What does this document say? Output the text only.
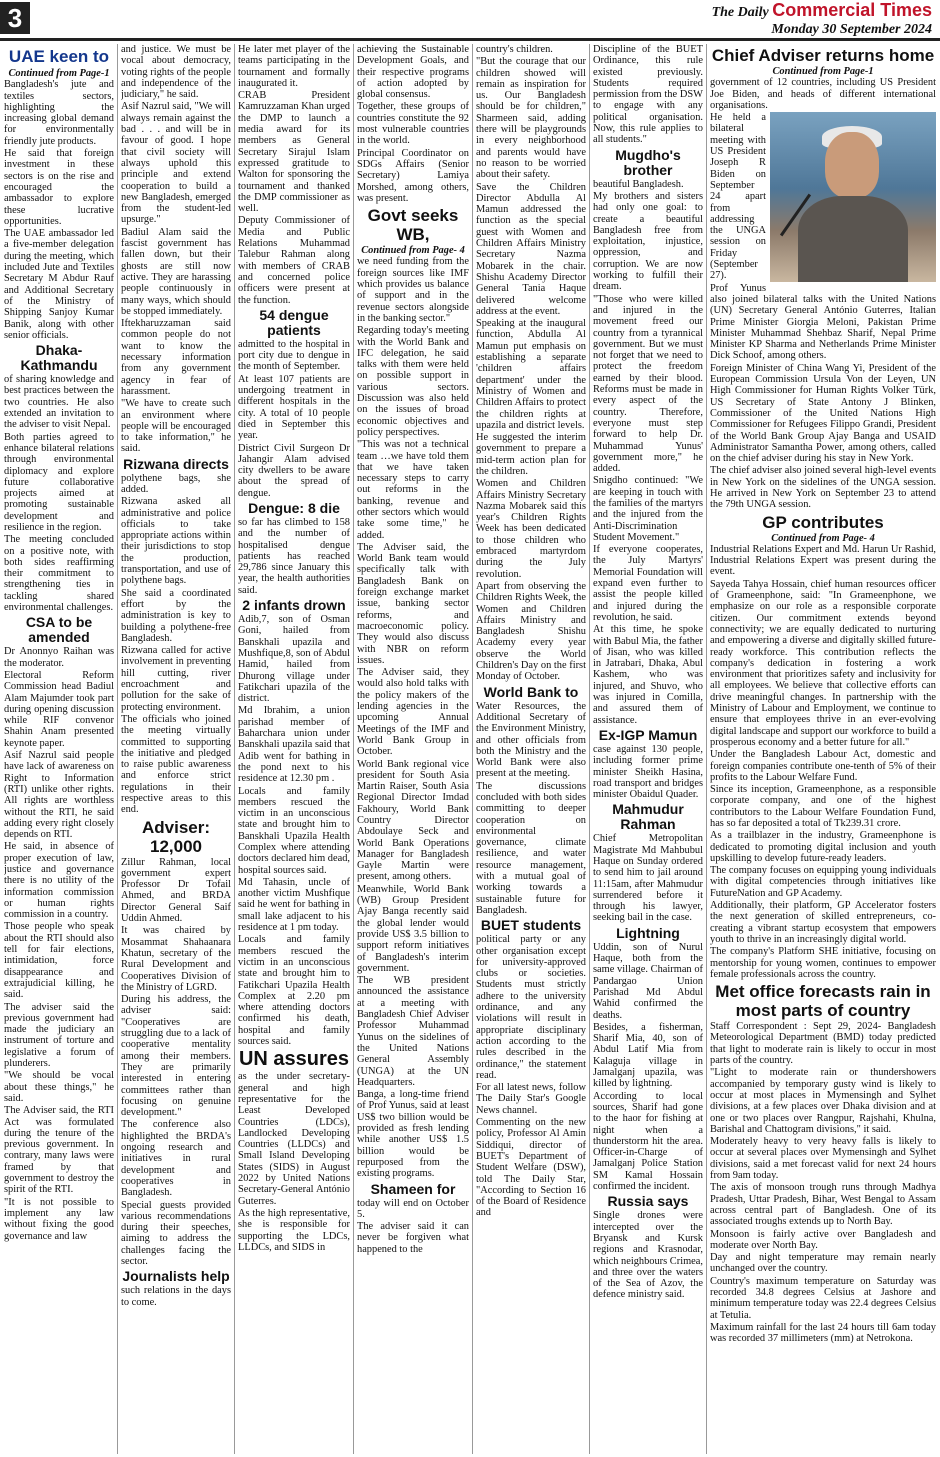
3	The Daily Commercial Times
Monday 30 September 2024
UAE keen to
Continued from Page-1

Bangladesh's jute and textiles sectors, highlighting the increasing global demand for environmentally friendly jute products.

He said that foreign investment in these sectors is on the rise and encouraged the ambassador to explore these lucrative opportunities.

The UAE ambassador led a five-member delegation during the meeting, which included Jute and Textiles Secretary M Abdur Rauf and Additional Secretary of the Ministry of Shipping Sanjoy Kumar Banik, along with other senior officials.

Dhaka-Kathmandu

of sharing knowledge and best practices between the two countries. He also extended an invitation to the adviser to visit Nepal.

Both parties agreed to enhance bilateral relations through environmental diplomacy and explore future collaborative projects aimed at promoting sustainable development and resilience in the region.

The meeting concluded on a positive note, with both sides reaffirming their commitment to strengthening ties in tackling shared environmental challenges.

CSA to be amended

Dr Anonnyo Raihan was the moderator.

Electoral Reform Commission head Badiul Alam Majumder took part during opening discussion while RIF convenor Shahin Anam presented keynote paper.

Asif Nazrul said people have lack of awareness on Right to Information (RTI) unlike other rights. All rights are worthless without the RTI, he said adding every right closely depends on RTI.

He said, in absence of proper execution of law, justice and governance there is no utility of the information commission or human rights commission in a country.

Those people who speak about the RTI should also tell for fair elections, intimidation, force disappearance and extrajudicial killing, he said.

The adviser said the previous government had made the judiciary an instrument of torture and legislative a forum of plunderers.

"We should be vocal about these things," he said.

The Adviser said, the RTI Act was formulated during the tenure of the previous government. In contrary, many laws were framed by that government to destroy the spirit of the RTI.

"It is not possible to implement any law without fixing the good governance and law

and justice. We must be vocal about democracy, voting rights of the people and independence of the judiciary," he said.

Asif Nazrul said, "We will always remain against the bad . . . and will be in favour of good. I hope that civil society will always uphold this principle and extend cooperation to build a new Bangladesh, emerged from the student-led upsurge."

Badiul Alam said the fascist government has fallen down, but their ghosts are still now active. They are harassing people continuously in many ways, which should be stopped immediately.

Iftekharuzzaman said common people do not want to know the necessary information from any government agency in fear of harassment.

"We have to create such an environment where people will be encouraged to take information," he said.

Rizwana directs

polythene bags, she added.

Rizwana asked all administrative and police officials to take appropriate actions within their jurisdictions to stop the production, transportation, and use of polythene bags.

She said a coordinated effort by the administration is key to building a polythene-free Bangladesh.

Rizwana called for active involvement in preventing hill cutting, river encroachment and pollution for the sake of protecting environment.

The officials who joined the meeting virtually committed to supporting the initiative and pledged to raise public awareness and enforce strict regulations in their respective areas to this end.

Adviser: 12,000

Zillur Rahman, local government expert Professor Dr Tofail Ahmed, and BRDA Director General Saif Uddin Ahmed.

It was chaired by Mosammat Shahaanara Khatun, secretary of the Rural Development and Cooperatives Division of the Ministry of LGRD.

During his address, the adviser said: "Cooperatives are struggling due to a lack of cooperative mentality among their members. They are primarily interested in entering committees rather than focusing on genuine development."

The conference also highlighted the BRDA's ongoing research and initiatives in rural development and cooperatives in Bangladesh.

Special guests provided various recommendations during their speeches, aiming to address the challenges facing the sector.

Journalists help

such relations in the days to come.

He later met player of the teams participating in the tournament and formally inaugurated it.

CRAB President Kamruzzaman Khan urged the DMP to launch a media award for its members as General Secretary Sirajul Islam expressed gratitude to Walton for sponsoring the tournament and thanked the DMP commissioner as well.

Deputy Commissioner of Media and Public Relations Muhammad Talebur Rahman along with members of CRAB and concerned police officers were present at the function.

54 dengue patients

admitted to the hospital in port city due to dengue in the month of September.

At least 107 patients are undergoing treatment in different hospitals in the city. A total of 10 people died in September this year.

District Civil Surgeon Dr Jahangir Alam advised city dwellers to be aware about the spread of dengue.

Dengue: 8 die

so far has climbed to 158 and the number of hospitalised dengue patients has reached 29,786 since January this year, the health authorities said.

2 infants drown

Adib,7, son of Osman Goni, hailed from Banskhali upazila and Mushfique,8, son of Abdul Hamid, hailed from Dhurong village under Fatikchari upazila of the district.

Md Ibrahim, a union parishad member of Baharchara union under Banskhali upazila said that Adib went for bathing in the pond next to his residence at 12.30 pm .

Locals and family members rescued the victim in an unconscious state and brought him to Banskhali Upazila Health Complex where attending doctors declared him dead, hospital sources said.

Md Tahasin, uncle of another victim Mushfique said he went for bathing in small lake adjacent to his residence at 1 pm today.

Locals and family members rescued the victim in an unconscious state and brought him to Fatikchari Upazila Health Complex at 2.20 pm where attending doctors confirmed his death, hospital and family sources said.

UN assures

as the under secretary-general and high representative for the Least Developed Countries (LDCs), Landlocked Developing Countries (LLDCs) and Small Island Developing States (SIDS) in August 2022 by United Nations Secretary-General António Guterres.

As the high representative, she is responsible for supporting the LDCs, LLDCs, and SIDS in

achieving the Sustainable Development Goals, and their respective programs of action adopted by global consensus.

Together, these groups of countries constitute the 92 most vulnerable countries in the world.

Principal Coordinator on SDGs Affairs (Senior Secretary) Lamiya Morshed, among others, was present.

Govt seeks WB,
Continued from Page- 4

we need funding from the foreign sources like IMF which provides us balance of support and in the revenue sectors alongside in the banking sector."

Regarding today's meeting with the World Bank and IFC delegation, he said talks with them were held on possible support in various sectors. Discussion was also held on the issues of broad economic objectives and policy perspectives.

"This was not a technical team …we have told them that we have taken necessary steps to carry out reforms in the banking, revenue and other sectors which would take some time," he added.

The Adviser said, the World Bank team would specifically talk with Bangladesh Bank on foreign exchange market issue, banking sector reforms, and macroeconomic policy. They would also discuss with NBR on reform issues.

The Adviser said, they would also hold talks with the policy makers of the lending agencies in the upcoming Annual Meetings of the IMF and World Bank Group in October.

World Bank regional vice president for South Asia Martin Raiser, South Asia Regional Director Imdad Fakhoury, World Bank Country Director Abdoulaye Seck and World Bank Operations Manager for Bangladesh Gayle Martin were present, among others.

Meanwhile, World Bank (WB) Group President Ajay Banga recently said the global lender would provide US$ 3.5 billion to support reform initiatives of Bangladesh's interim government.

The WB president announced the assistance at a meeting with Bangladesh Chief Adviser Professor Muhammad Yunus on the sidelines of the United Nations General Assembly (UNGA) at the UN Headquarters.

Banga, a long-time friend of Prof Yunus, said at least US$ two billion would be provided as fresh lending while another US$ 1.5 billion would be repurposed from the existing programs.

Shameen for

today will end on October 5.

The adviser said it can never be forgiven what happened to the

country's children.

"But the courage that our children showed will remain as inspiration for us. Our Bangladesh should be for children," Sharmeen said, adding there will be playgrounds in every neighborhood and parents would have no reason to be worried about their safety.

Save the Children Director Abdulla Al Mamun addressed the function as the special guest with Women and Children Affairs Ministry Secretary Nazma Mobarek in the chair. Shishu Academy Director General Tania Haque delivered welcome address at the event.

Speaking at the inaugural function, Abdulla Al Mamun put emphasis on establishing a separate 'children affairs department' under the Ministry of Women and Children Affairs to protect the children rights at upazila and district levels.

He suggested the interim government to prepare a mid-term action plan for the children.

Women and Children Affairs Ministry Secretary Nazma Mobarek said this year's Children Rights Week has been dedicated to those children who embraced martyrdom during the July revolution.

Apart from observing the Children Rights Week, the Women and Children Affairs Ministry and Bangladesh Shishu Academy every year observe the World Children's Day on the first Monday of October.

World Bank to

Water Resources, the Additional Secretary of the Environment Ministry, and other officials from both the Ministry and the World Bank were also present at the meeting.

The discussions concluded with both sides committing to deeper cooperation on environmental governance, climate resilience, and water resource management, with a mutual goal of working towards a sustainable future for Bangladesh.

BUET students

political party or any other organisation except for university-approved clubs or societies. Students must strictly adhere to the university ordinance, and any violations will result in appropriate disciplinary action according to the rules described in the ordinance," the statement read.

For all latest news, follow The Daily Star's Google News channel.

Commenting on the new policy, Professor Al Amin Siddiqui, director of BUET's Department of Student Welfare (DSW), told The Daily Star, "According to Section 16 of the Board of Residence and

Discipline of the BUET Ordinance, this rule existed previously. Students required permission from the DSW to engage with any political organisation. Now, this rule applies to all students."

Mugdho's brother

beautiful Bangladesh.

My brothers and sisters had only one goal: to create a beautiful Bangladesh free from exploitation, injustice, oppression, and corruption. We are now working to fulfill their dream.

"Those who were killed and injured in the movement freed our country from a tyrannical government. But we must not forget that we need to protect the freedom earned by their blood. Reforms must be made in every aspect of the country. Therefore, everyone must step forward to help Dr. Muhammad Yunus' government more," he added.

Snigdho continued: "We are keeping in touch with the families of the martyrs and the injured from the Anti-Discrimination Student Movement."

If everyone cooperates, the July Martyrs' Memorial Foundation will expand even further to assist the people killed and injured during the revolution, he said.

At this time, he spoke with Babul Mia, the father of Jisan, who was killed in Jatrabari, Dhaka, Abul Kashem, who was injured, and Shuvo, who was injured in Comilla, and assured them of assistance.

Ex-IGP Mamun

case against 130 people, including former prime minister Sheikh Hasina, road transport and bridges minister Obaidul Quader.

Mahmudur Rahman

Chief Metropolitan Magistrate Md Mahbubul Haque on Sunday ordered to send him to jail around 11:15am, after Mahmudur surrendered before it through his lawyer, seeking bail in the case.

Lightning

Uddin, son of Nurul Haque, both from the same village. Chairman of Pandargao Union Parishad Md Abdul Wahid confirmed the deaths.

Besides, a fisherman, Sharif Mia, 40, son of Abdul Latif Mia from Kalaguja village in Jamalganj upazila, was killed by lightning.

According to local sources, Sharif had gone to the haor for fishing at night when a thunderstorm hit the area. Officer-in-Charge of Jamalganj Police Station SM Kamal Hossain confirmed the incident.

Russia says

Single drones were intercepted over the Bryansk and Kursk regions and Krasnodar, which neighbours Crimea, and three over the waters of the Sea of Azov, the defence ministry said.

Chief Adviser returns home
Continued from Page-1

government of 12 countries, including US President Joe Biden, and heads of different international organisations.

He held a bilateral meeting with US President Joseph R Biden on September 24 apart from addressing the UNGA session on Friday (September 27).

Prof Yunus also joined bilateral talks with the United Nations (UN) Secretary General António Guterres, Italian Prime Minister Giorgia Meloni, Pakistan Prime Minister Muhammad Shehbaz Sharif, Nepal Prime Minister KP Sharma and Netherlands Prime Minister Dick Schoof, among others.

Foreign Minister of China Wang Yi, President of the European Commission Ursula Von der Leyen, UN High Commissioner for Human Rights Volker Türk, US Secretary of State Antony J Blinken, Commissioner of the United Nations High Commissioner for Refugees Filippo Grandi, President of the World Bank Group Ajay Banga and USAID Administrator Samantha Power, among others, called on the chief adviser during his stay in New York.

The chief adviser also joined several high-level events in New York on the sidelines of the UNGA session. He arrived in New York on September 23 to attend the 79th UNGA session.

GP contributes
Continued from Page- 4

Industrial Relations Expert and Md. Harun Ur Rashid, Industrial Relations Expert was present during the event.

Sayeda Tahya Hossain, chief human resources officer of Grameenphone, said: "In Grameenphone, we emphasize on our role as a responsible corporate citizen. Our commitment extends beyond connectivity; we are equally dedicated to nurturing and empowering a diverse and digitally skilled future-ready workforce. This contribution reflects the company's dedication in fostering a work environment that prioritizes safety and inclusivity for all employees. We believe that collective efforts can drive meaningful changes. In partnership with the Ministry of Labour and Employment, we continue to ensure that employees thrive in an ever-evolving digital landscape and support our workforce to build a prosperous economy and a better future for all."

Under the Bangladesh Labour Act, domestic and foreign companies contribute one-tenth of 5% of their profits to the Labour Welfare Fund.

Since its inception, Grameenphone, as a responsible corporate company, and one of the highest contributors to the Labour Welfare Foundation Fund, has so far deposited a total of Tk239.31 crore.

As a trailblazer in the industry, Grameenphone is dedicated to promoting digital inclusion and youth upskilling to develop future-ready leaders.

The company focuses on equipping young individuals with digital competencies through initiatives like FutureNation and GP Academy.

Additionally, their platform, GP Accelerator fosters the next generation of skilled entrepreneurs, co-creating a vibrant startup ecosystem that empowers youth to thrive in an increasingly digital world.

The company's Platform SHE initiative, focusing on mentorship for young women, continues to empower female professionals across the country.

Met office forecasts rain in most parts of country

Staff Correspondent : Sept 29, 2024- Bangladesh Meteorological Department (BMD) today predicted that light to moderate rain is likely to occur in most parts of the country.

"Light to moderate rain or thundershowers accompanied by temporary gusty wind is likely to occur at most places in Mymensingh and Sylhet divisions, at a few places over Dhaka division and at one or two places over Rangpur, Rajshahi, Khulna, Barishal and Chattogram divisions," it said.

Moderately heavy to very heavy falls is likely to occur at several places over Mymensingh and Sylhet divisions, said a met forecast valid for next 24 hours from 9am today.

The axis of monsoon trough runs through Madhya Pradesh, Uttar Pradesh, Bihar, West Bengal to Assam across central part of Bangladesh. One of its associated troughs extends up to North Bay.

Monsoon is fairly active over Bangladesh and moderate over North Bay.

Day and night temperature may remain nearly unchanged over the country.

Country's maximum temperature on Saturday was recorded 34.8 degrees Celsius at Jashore and minimum temperature today was 22.4 degrees Celsius at Tetulia.

Maximum rainfall for the last 24 hours till 6am today was recorded 37 millimeters (mm) at Netrokona.
